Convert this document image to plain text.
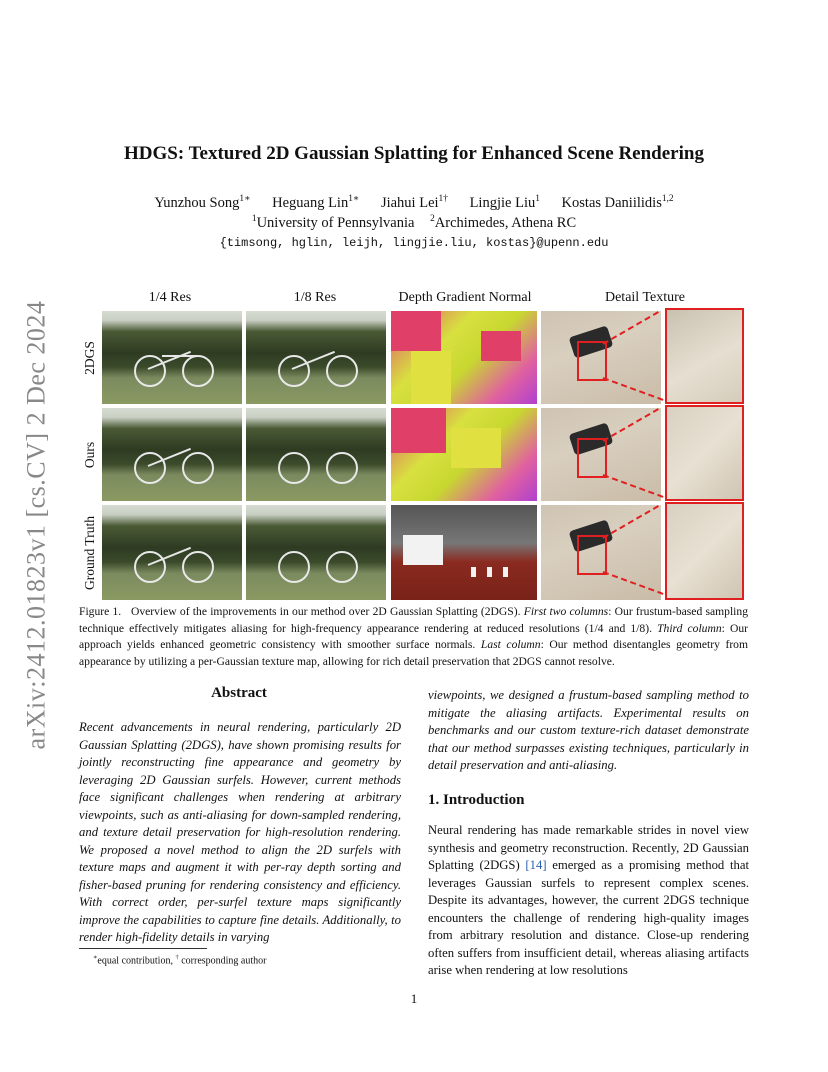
arXiv:2412.01823v1 [cs.CV] 2 Dec 2024
HDGS: Textured 2D Gaussian Splatting for Enhanced Scene Rendering
Yunzhou Song$^{1∗}$ Heguang Lin$^{1∗}$ Jiahui Lei$^{1\dagger}$ Lingjie Liu$^1$ Kostas Daniilidis$^{1,2}$
$^1$University of Pennsylvania $^2$Archimedes, Athena RC
{timsong, hglin, leijh, lingjie.liu, kostas}@upenn.edu
1/4 Res	1/8 Res	Depth Gradient Normal	Detail Texture
2DGS
Ours
Ground Truth
Figure 1. Overview of the improvements in our method over 2D Gaussian Splatting (2DGS). First two columns: Our frustum-based sampling technique effectively mitigates aliasing for high-frequency appearance rendering at reduced resolutions (1/4 and 1/8). Third column: Our approach yields enhanced geometric consistency with smoother surface normals. Last column: Our method disentangles geometry from appearance by utilizing a per-Gaussian texture map, allowing for rich detail preservation that 2DGS cannot resolve.
Abstract
Recent advancements in neural rendering, particularly 2D Gaussian Splatting (2DGS), have shown promising results for jointly reconstructing fine appearance and geometry by leveraging 2D Gaussian surfels. However, current methods face significant challenges when rendering at arbitrary viewpoints, such as anti-aliasing for down-sampled rendering, and texture detail preservation for high-resolution rendering. We proposed a novel method to align the 2D surfels with texture maps and augment it with per-ray depth sorting and fisher-based pruning for rendering consistency and efficiency. With correct order, per-surfel texture maps significantly improve the capabilities to capture fine details. Additionally, to render high-fidelity details in varying
viewpoints, we designed a frustum-based sampling method to mitigate the aliasing artifacts. Experimental results on benchmarks and our custom texture-rich dataset demonstrate that our method surpasses existing techniques, particularly in detail preservation and anti-aliasing.
1. Introduction
Neural rendering has made remarkable strides in novel view synthesis and geometry reconstruction. Recently, 2D Gaussian Splatting (2DGS) [14] emerged as a promising method that leverages Gaussian surfels to represent complex scenes. Despite its advantages, however, the current 2DGS technique encounters the challenge of rendering high-quality images from arbitrary resolution and distance. Close-up rendering often suffers from insufficient detail, whereas aliasing artifacts arise when rendering at low resolutions
∗equal contribution, † corresponding author
1
